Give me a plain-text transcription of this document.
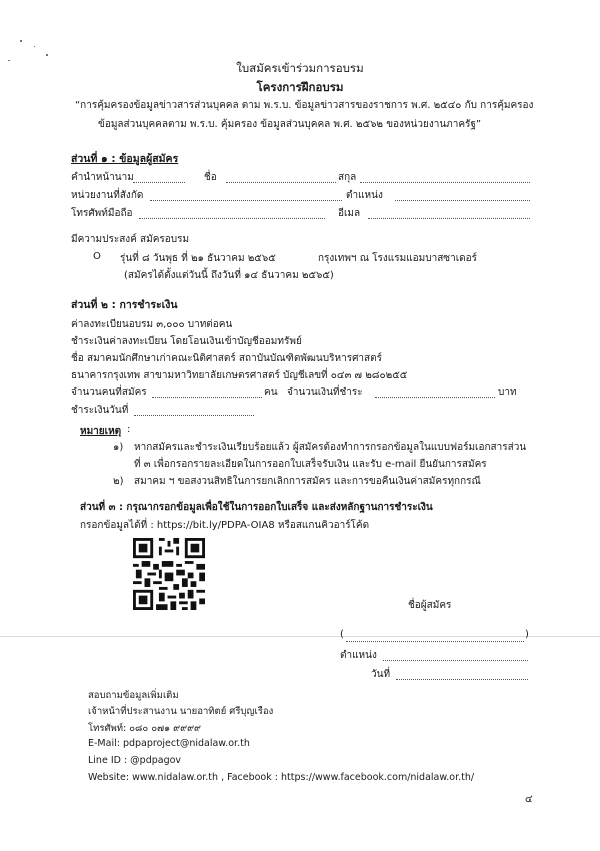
ใบสมัครเข้าร่วมการอบรม
โครงการฝึกอบรม
“การคุ้มครองข้อมูลข่าวสารส่วนบุคคล ตาม พ.ร.บ. ข้อมูลข่าวสารของราชการ พ.ศ. ๒๕๔๐ กับ การคุ้มครอง
ข้อมูลส่วนบุคคลตาม พ.ร.บ. คุ้มครอง ข้อมูลส่วนบุคคล พ.ศ. ๒๕๖๒ ของหน่วยงานภาครัฐ”
ส่วนที่ ๑ : ข้อมูลผู้สมัคร
คำนำหน้านาม	ชื่อ	สกุล
หน่วยงานที่สังกัด	ตำแหน่ง
โทรศัพท์มือถือ	อีเมล
มีความประสงค์ สมัครอบรม
O รุ่นที่ ๘ วันพุธ ที่ ๒๑ ธันวาคม ๒๕๖๕	กรุงเทพฯ ณ โรงแรมแอมบาสซาเดอร์
(สมัครได้ตั้งแต่วันนี้ ถึงวันที่ ๑๔ ธันวาคม ๒๕๖๕)
ส่วนที่ ๒ : การชำระเงิน
ค่าลงทะเบียนอบรม ๓,๐๐๐ บาทต่อคน
ชำระเงินค่าลงทะเบียน โดยโอนเงินเข้าบัญชีออมทรัพย์
ชื่อ สมาคมนักศึกษาเก่าคณะนิติศาสตร์ สถาบันบัณฑิตพัฒนบริหารศาสตร์
ธนาคารกรุงเทพ สาขามหาวิทยาลัยเกษตรศาสตร์ บัญชีเลขที่ ๐๔๓ ๗ ๒๘๐๒๕๕
จำนวนคนที่สมัคร	คน จำนวนเงินที่ชำระ	บาท
ชำระเงินวันที่
หมายเหตุ :
๑) หากสมัครและชำระเงินเรียบร้อยแล้ว ผู้สมัครต้องทำการกรอกข้อมูลในแบบฟอร์มเอกสารส่วน
ที่ ๓ เพื่อกรอกรายละเอียดในการออกใบเสร็จรับเงิน และรับ e-mail ยืนยันการสมัคร
๒) สมาคม ฯ ขอสงวนสิทธิในการยกเลิกการสมัคร และการขอคืนเงินค่าสมัครทุกกรณี
ส่วนที่ ๓ : กรุณากรอกข้อมูลเพื่อใช้ในการออกใบเสร็จ และส่งหลักฐานการชำระเงิน
กรอกข้อมูลได้ที่ : https://bit.ly/PDPA-OIA8 หรือสแกนคิวอาร์โค้ด
ชื่อผู้สมัคร
(	)
ตำแหน่ง
วันที่
สอบถามข้อมูลเพิ่มเติม
เจ้าหน้าที่ประสานงาน นายอาทิตย์ ศรีบุญเรือง
โทรศัพท์: ๐๘๐ ๐๗๑ ๙๙๙๙
E-Mail: pdpaproject@nidalaw.or.th
Line ID : @pdpagov
Website: www.nidalaw.or.th , Facebook : https://www.facebook.com/nidalaw.or.th/
๔
